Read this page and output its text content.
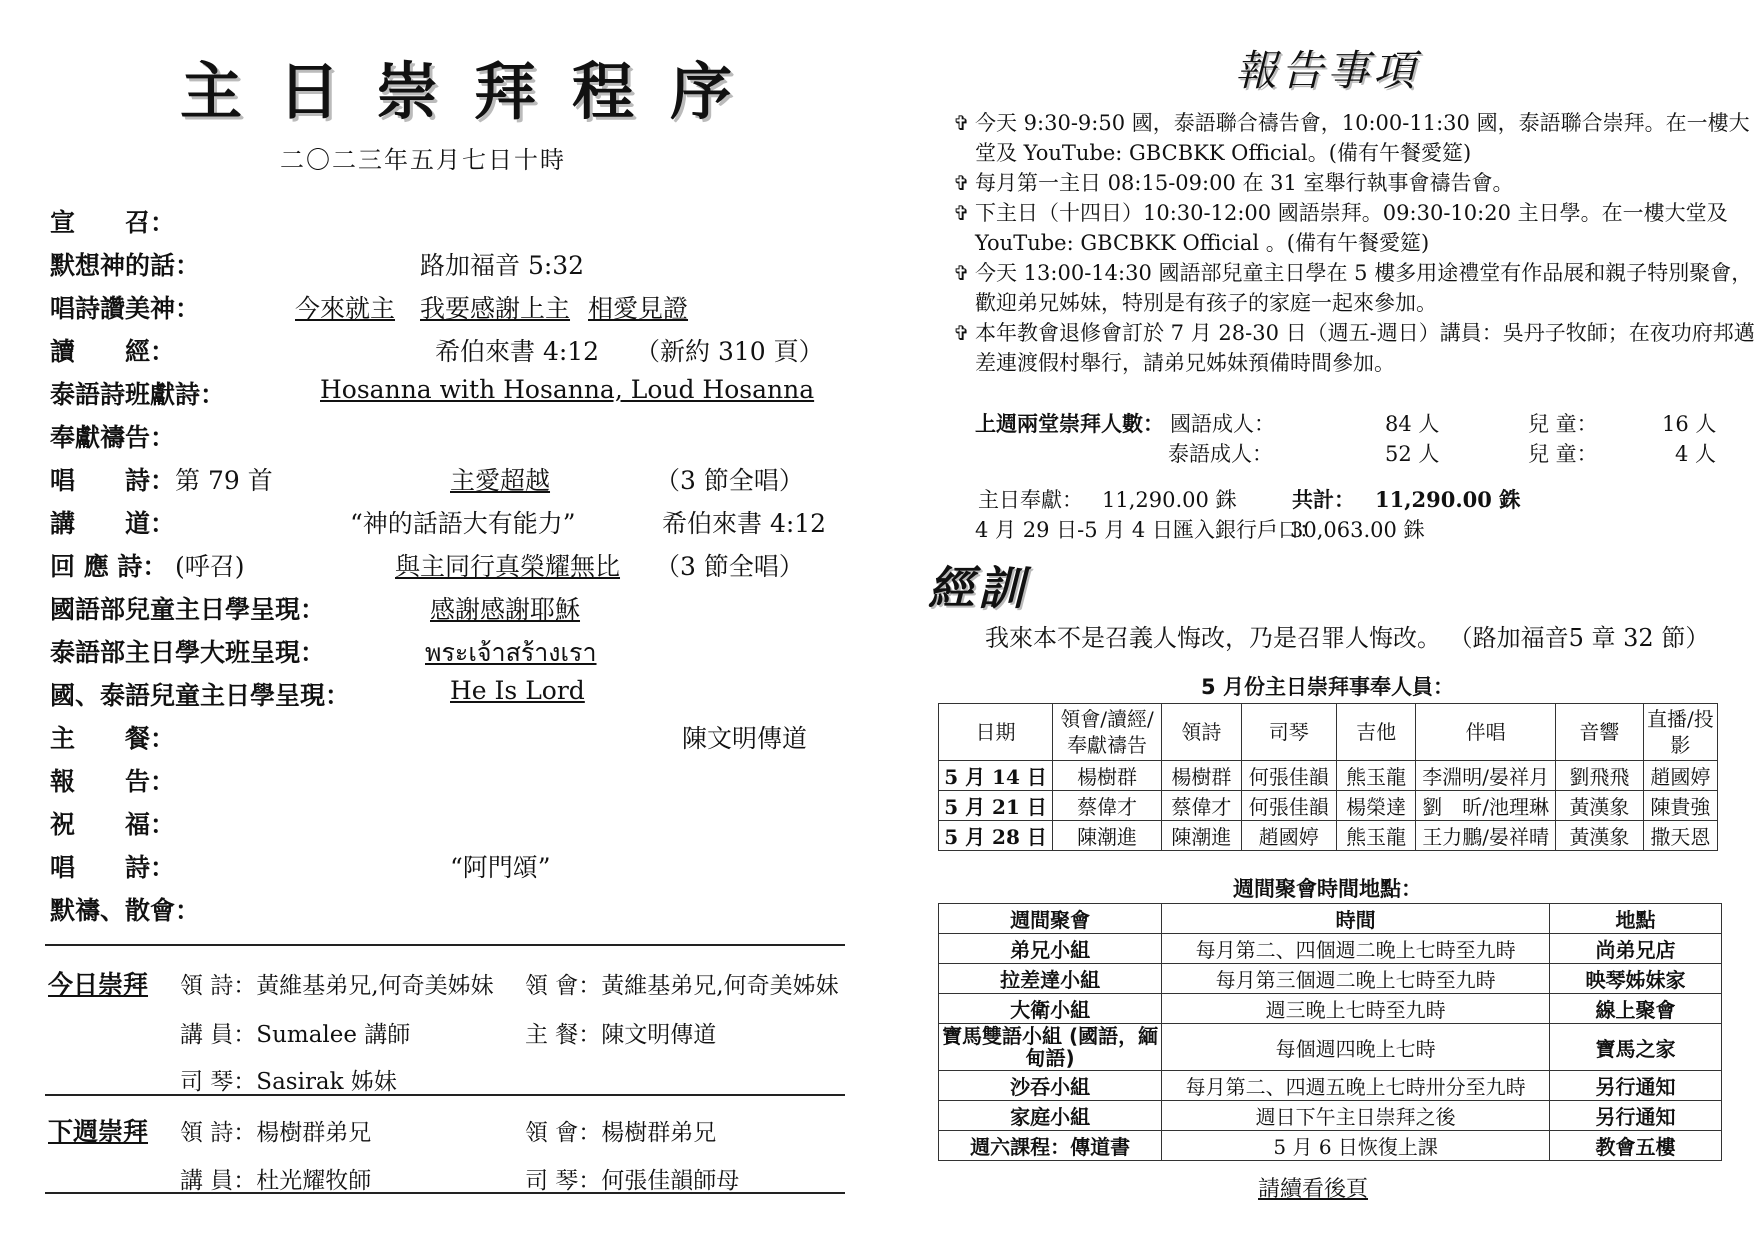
主日崇拜程序
二〇二三年五月七日十時
宣　　召：
默想神的話：	路加福音 5:32
唱詩讚美神：	今來就主 我要感謝上主 相愛見證
讀　　經：	希伯來書 4:12 （新約 310 頁）
泰語詩班獻詩：	Hosanna with Hosanna, Loud Hosanna
奉獻禱告：
唱　　詩： 第 79 首	主愛超越	（3 節全唱）
講　　道：	“神的話語大有能力”	希伯來書 4:12
回 應 詩： (呼召)	與主同行真榮耀無比 （3 節全唱）
國語部兒童主日學呈現：	感謝感謝耶穌
泰語部主日學大班呈現：	พระเจ้าสร้างเรา
國、泰語兒童主日學呈現：	He Is Lord
主　　餐：	陳文明傳道
報　　告：
祝　　福：
唱　　詩：	“阿門頌”
默禱、散會：
今日崇拜 領 詩：黃維基弟兄,何奇美姊妹 領 會：黃維基弟兄,何奇美姊妹
講 員：Sumalee 講師	主 餐：陳文明傳道
司 琴：Sasirak 姊妹
下週崇拜 領 詩：楊樹群弟兄	領 會：楊樹群弟兄
講 員：杜光耀牧師	司 琴：何張佳韻師母
報告事項
✞ 今天 9:30-9:50 國，泰語聯合禱告會，10:00-11:30 國，泰語聯合崇拜。在一樓大堂及 YouTube: GBCBKK Official。(備有午餐愛筵)
✞ 每月第一主日 08:15-09:00 在 31 室舉行執事會禱告會。
✞ 下主日（十四日）10:30-12:00 國語崇拜。09:30-10:20 主日學。在一樓大堂及 YouTube: GBCBKK Official 。(備有午餐愛筵)
✞ 今天 13:00-14:30 國語部兒童主日學在 5 樓多用途禮堂有作品展和親子特別聚會，歡迎弟兄姊妹，特別是有孩子的家庭一起來參加。
✞ 本年教會退修會訂於 7 月 28-30 日（週五-週日）講員：吳丹子牧師；在夜功府邦邁差連渡假村舉行，請弟兄姊妹預備時間參加。
上週兩堂崇拜人數： 國語成人：	84 人	兒 童：	16 人
泰語成人：	52 人	兒 童：	4 人
主日奉獻： 11,290.00 銖	共計： 11,290.00 銖
4 月 29 日-5 月 4 日匯入銀行戶口：
30,063.00 銖
經訓
我來本不是召義人悔改，乃是召罪人悔改。 （路加福音5 章 32 節）
5 月份主日崇拜事奉人員：
日期	領會/讀經/奉獻禱告	領詩	司琴	吉他	伴唱	音響	直播/投影
5 月 14 日	楊樹群	楊樹群	何張佳韻	熊玉龍	李淵明/晏祥月	劉飛飛	趙國婷
5 月 21 日	蔡偉才	蔡偉才	何張佳韻	楊榮達	劉　昕/池理琳	黃漢象	陳貴強
5 月 28 日	陳潮進	陳潮進	趙國婷	熊玉龍	王力鵬/晏祥晴	黃漢象	撒天恩
週間聚會時間地點：
週間聚會	時間	地點
弟兄小組	每月第二、四個週二晚上七時至九時	尚弟兄店
拉差達小組	每月第三個週二晚上七時至九時	映琴姊妹家
大衛小組	週三晚上七時至九時	線上聚會
寶馬雙語小組 (國語，緬甸語)	每個週四晚上七時	寶馬之家
沙吞小組	每月第二、四週五晚上七時卅分至九時	另行通知
家庭小組	週日下午主日崇拜之後	另行通知
週六課程：傳道書	5 月 6 日恢復上課	教會五樓
請續看後頁
